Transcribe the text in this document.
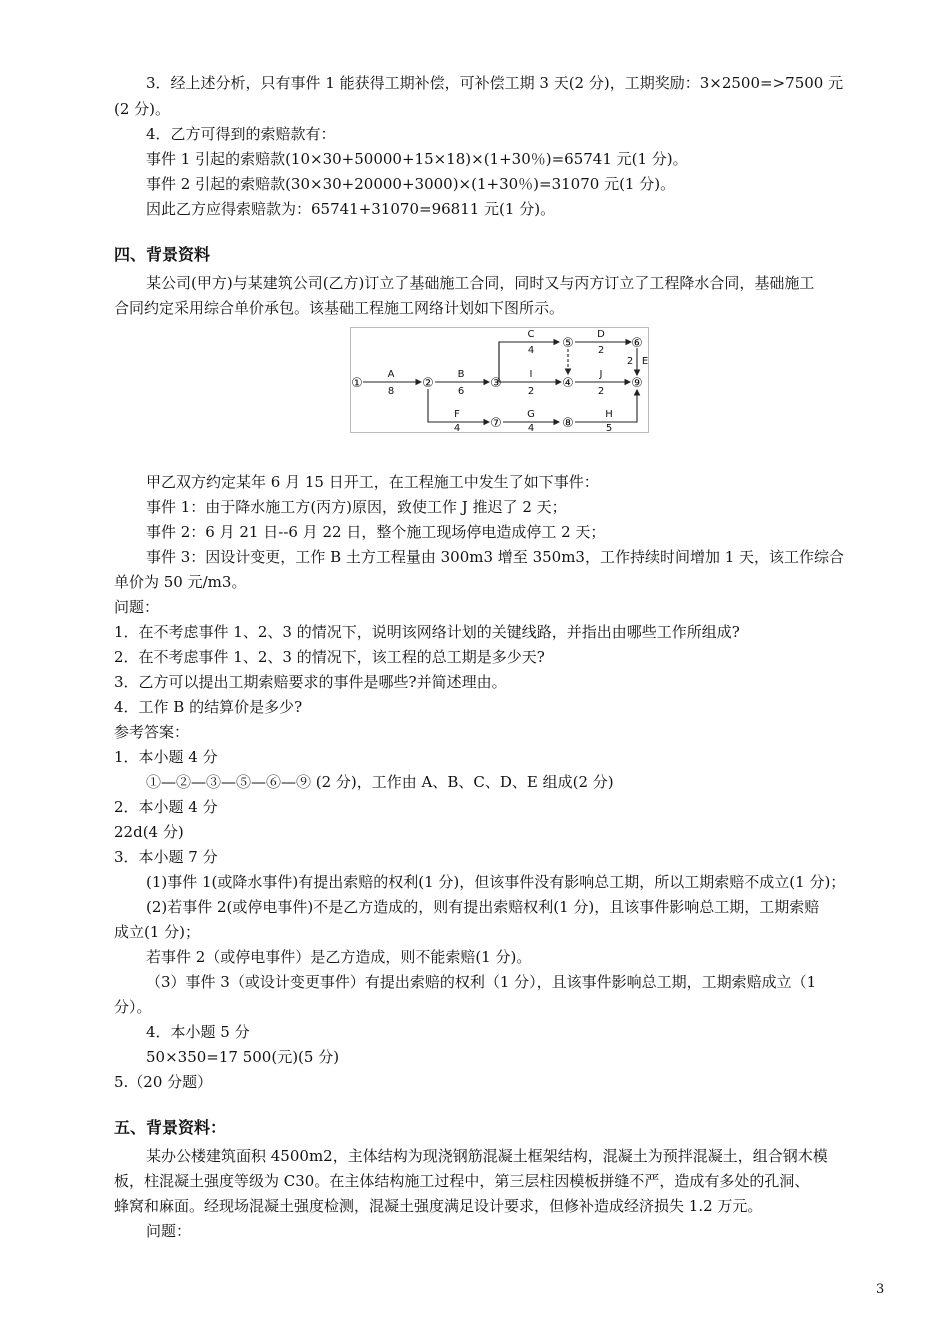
3．经上述分析，只有事件 1 能获得工期补偿，可补偿工期 3 天(2 分)，工期奖励：3×2500=>7500 元
(2 分)。
4．乙方可得到的索赔款有：
事件 1 引起的索赔款(10×30+50000+15×18)×(1+30％)=65741 元(1 分)。
事件 2 引起的索赔款(30×30+20000+3000)×(1+30％)=31070 元(1 分)。
因此乙方应得索赔款为：65741+31070=96811 元(1 分)。
四、背景资料
某公司(甲方)与某建筑公司(乙方)订立了基础施工合同，同时又与丙方订立了工程降水合同，基础施工
合同约定采用综合单价承包。该基础工程施工网络计划如下图所示。
①	②	③	④
⑤	⑥
⑦	⑧
⑨
A
8
B
6
C
4
D
2
E
2
I
2
J
2
F
4
G
4
H
5
甲乙双方约定某年 6 月 15 日开工，在工程施工中发生了如下事件：
事件 1：由于降水施工方(丙方)原因，致使工作 J 推迟了 2 天；
事件 2：6 月 21 日--6 月 22 日，整个施工现场停电造成停工 2 天；
事件 3：因设计变更，工作 B 土方工程量由 300m3 增至 350m3，工作持续时间增加 1 天，该工作综合
单价为 50 元/m3。
问题：
1．在不考虑事件 1、2、3 的情况下，说明该网络计划的关键线路，并指出由哪些工作所组成?
2．在不考虑事件 1、2、3 的情况下，该工程的总工期是多少天?
3．乙方可以提出工期索赔要求的事件是哪些?并简述理由。
4．工作 B 的结算价是多少?
参考答案：
1．本小题 4 分
①—②—③—⑤—⑥—⑨ (2 分)，工作由 A、B、C、D、E 组成(2 分)
2．本小题 4 分
22d(4 分)
3．本小题 7 分
(1)事件 1(或降水事件)有提出索赔的权利(1 分)，但该事件没有影响总工期，所以工期索赔不成立(1 分)；
(2)若事件 2(或停电事件)不是乙方造成的，则有提出索赔权利(1 分)，且该事件影响总工期，工期索赔
成立(1 分)；
若事件 2（或停电事件）是乙方造成，则不能索赔(1 分)。
（3）事件 3（或设计变更事件）有提出索赔的权利（1 分），且该事件影响总工期，工期索赔成立（1
分）。
4．本小题 5 分
50×350=17 500(元)(5 分)
5.（20 分题）
五、背景资料：
某办公楼建筑面积 4500m2，主体结构为现浇钢筋混凝土框架结构，混凝土为预拌混凝土，组合钢木模
板，柱混凝土强度等级为 C30。在主体结构施工过程中，第三层柱因模板拼缝不严，造成有多处的孔洞、
蜂窝和麻面。经现场混凝土强度检测，混凝土强度满足设计要求，但修补造成经济损失 1.2 万元。
问题：
3
